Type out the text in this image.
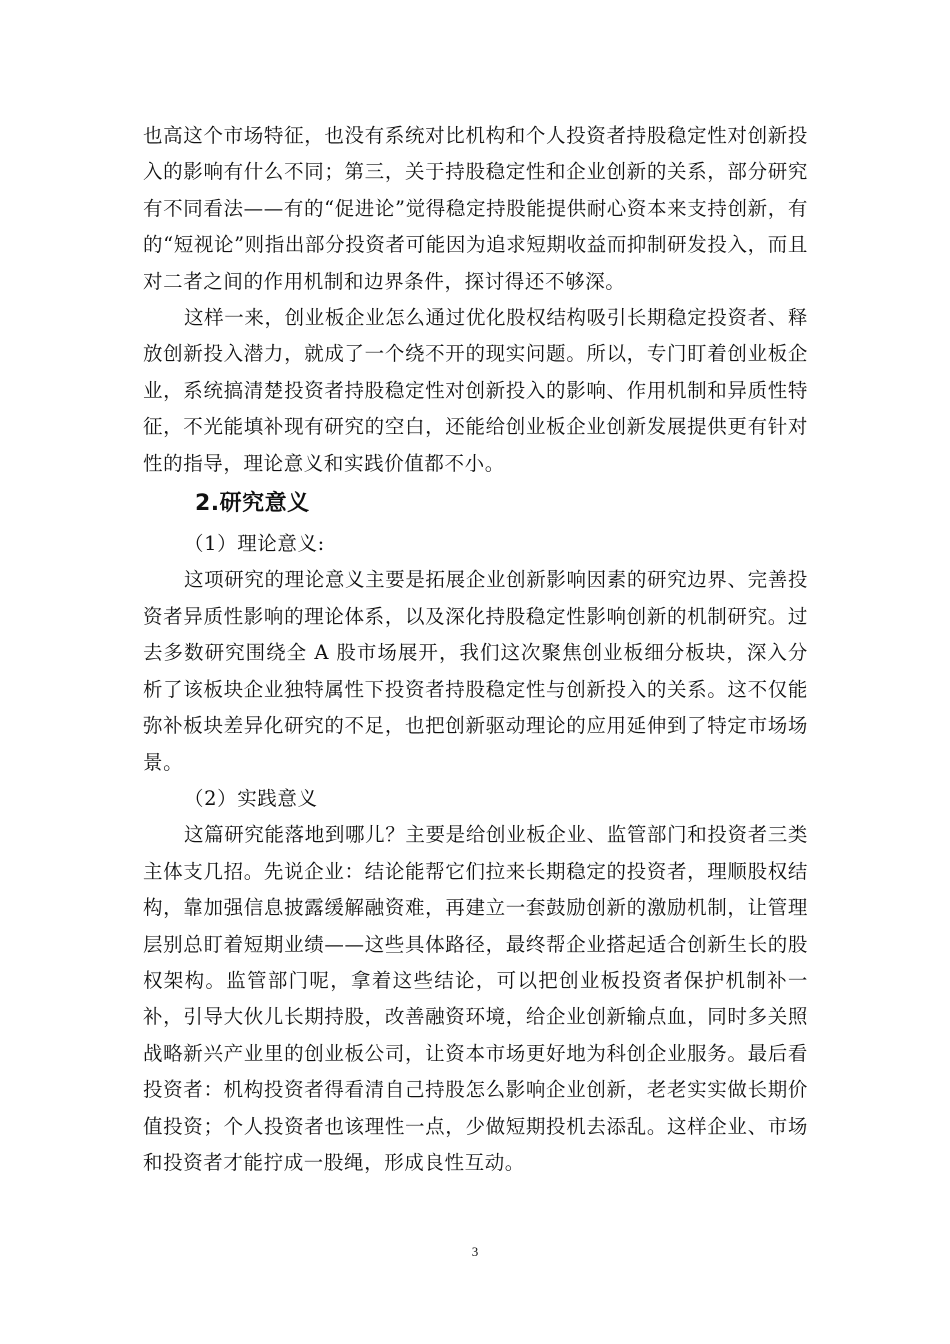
也高这个市场特征，也没有系统对比机构和个人投资者持股稳定性对创新投入的影响有什么不同；第三，关于持股稳定性和企业创新的关系，部分研究有不同看法——有的“促进论”觉得稳定持股能提供耐心资本来支持创新，有的“短视论”则指出部分投资者可能因为追求短期收益而抑制研发投入，而且对二者之间的作用机制和边界条件，探讨得还不够深。

这样一来，创业板企业怎么通过优化股权结构吸引长期稳定投资者、释放创新投入潜力，就成了一个绕不开的现实问题。所以，专门盯着创业板企业，系统搞清楚投资者持股稳定性对创新投入的影响、作用机制和异质性特征，不光能填补现有研究的空白，还能给创业板企业创新发展提供更有针对性的指导，理论意义和实践价值都不小。

2.研究意义

（1）理论意义:

这项研究的理论意义主要是拓展企业创新影响因素的研究边界、完善投资者异质性影响的理论体系，以及深化持股稳定性影响创新的机制研究。过去多数研究围绕全 A 股市场展开，我们这次聚焦创业板细分板块，深入分析了该板块企业独特属性下投资者持股稳定性与创新投入的关系。这不仅能弥补板块差异化研究的不足，也把创新驱动理论的应用延伸到了特定市场场景。

（2）实践意义

这篇研究能落地到哪儿？主要是给创业板企业、监管部门和投资者三类主体支几招。先说企业：结论能帮它们拉来长期稳定的投资者，理顺股权结构，靠加强信息披露缓解融资难，再建立一套鼓励创新的激励机制，让管理层别总盯着短期业绩——这些具体路径，最终帮企业搭起适合创新生长的股权架构。监管部门呢，拿着这些结论，可以把创业板投资者保护机制补一补，引导大伙儿长期持股，改善融资环境，给企业创新输点血，同时多关照战略新兴产业里的创业板公司，让资本市场更好地为科创企业服务。最后看投资者：机构投资者得看清自己持股怎么影响企业创新，老老实实做长期价值投资；个人投资者也该理性一点，少做短期投机去添乱。这样企业、市场和投资者才能拧成一股绳，形成良性互动。

3
